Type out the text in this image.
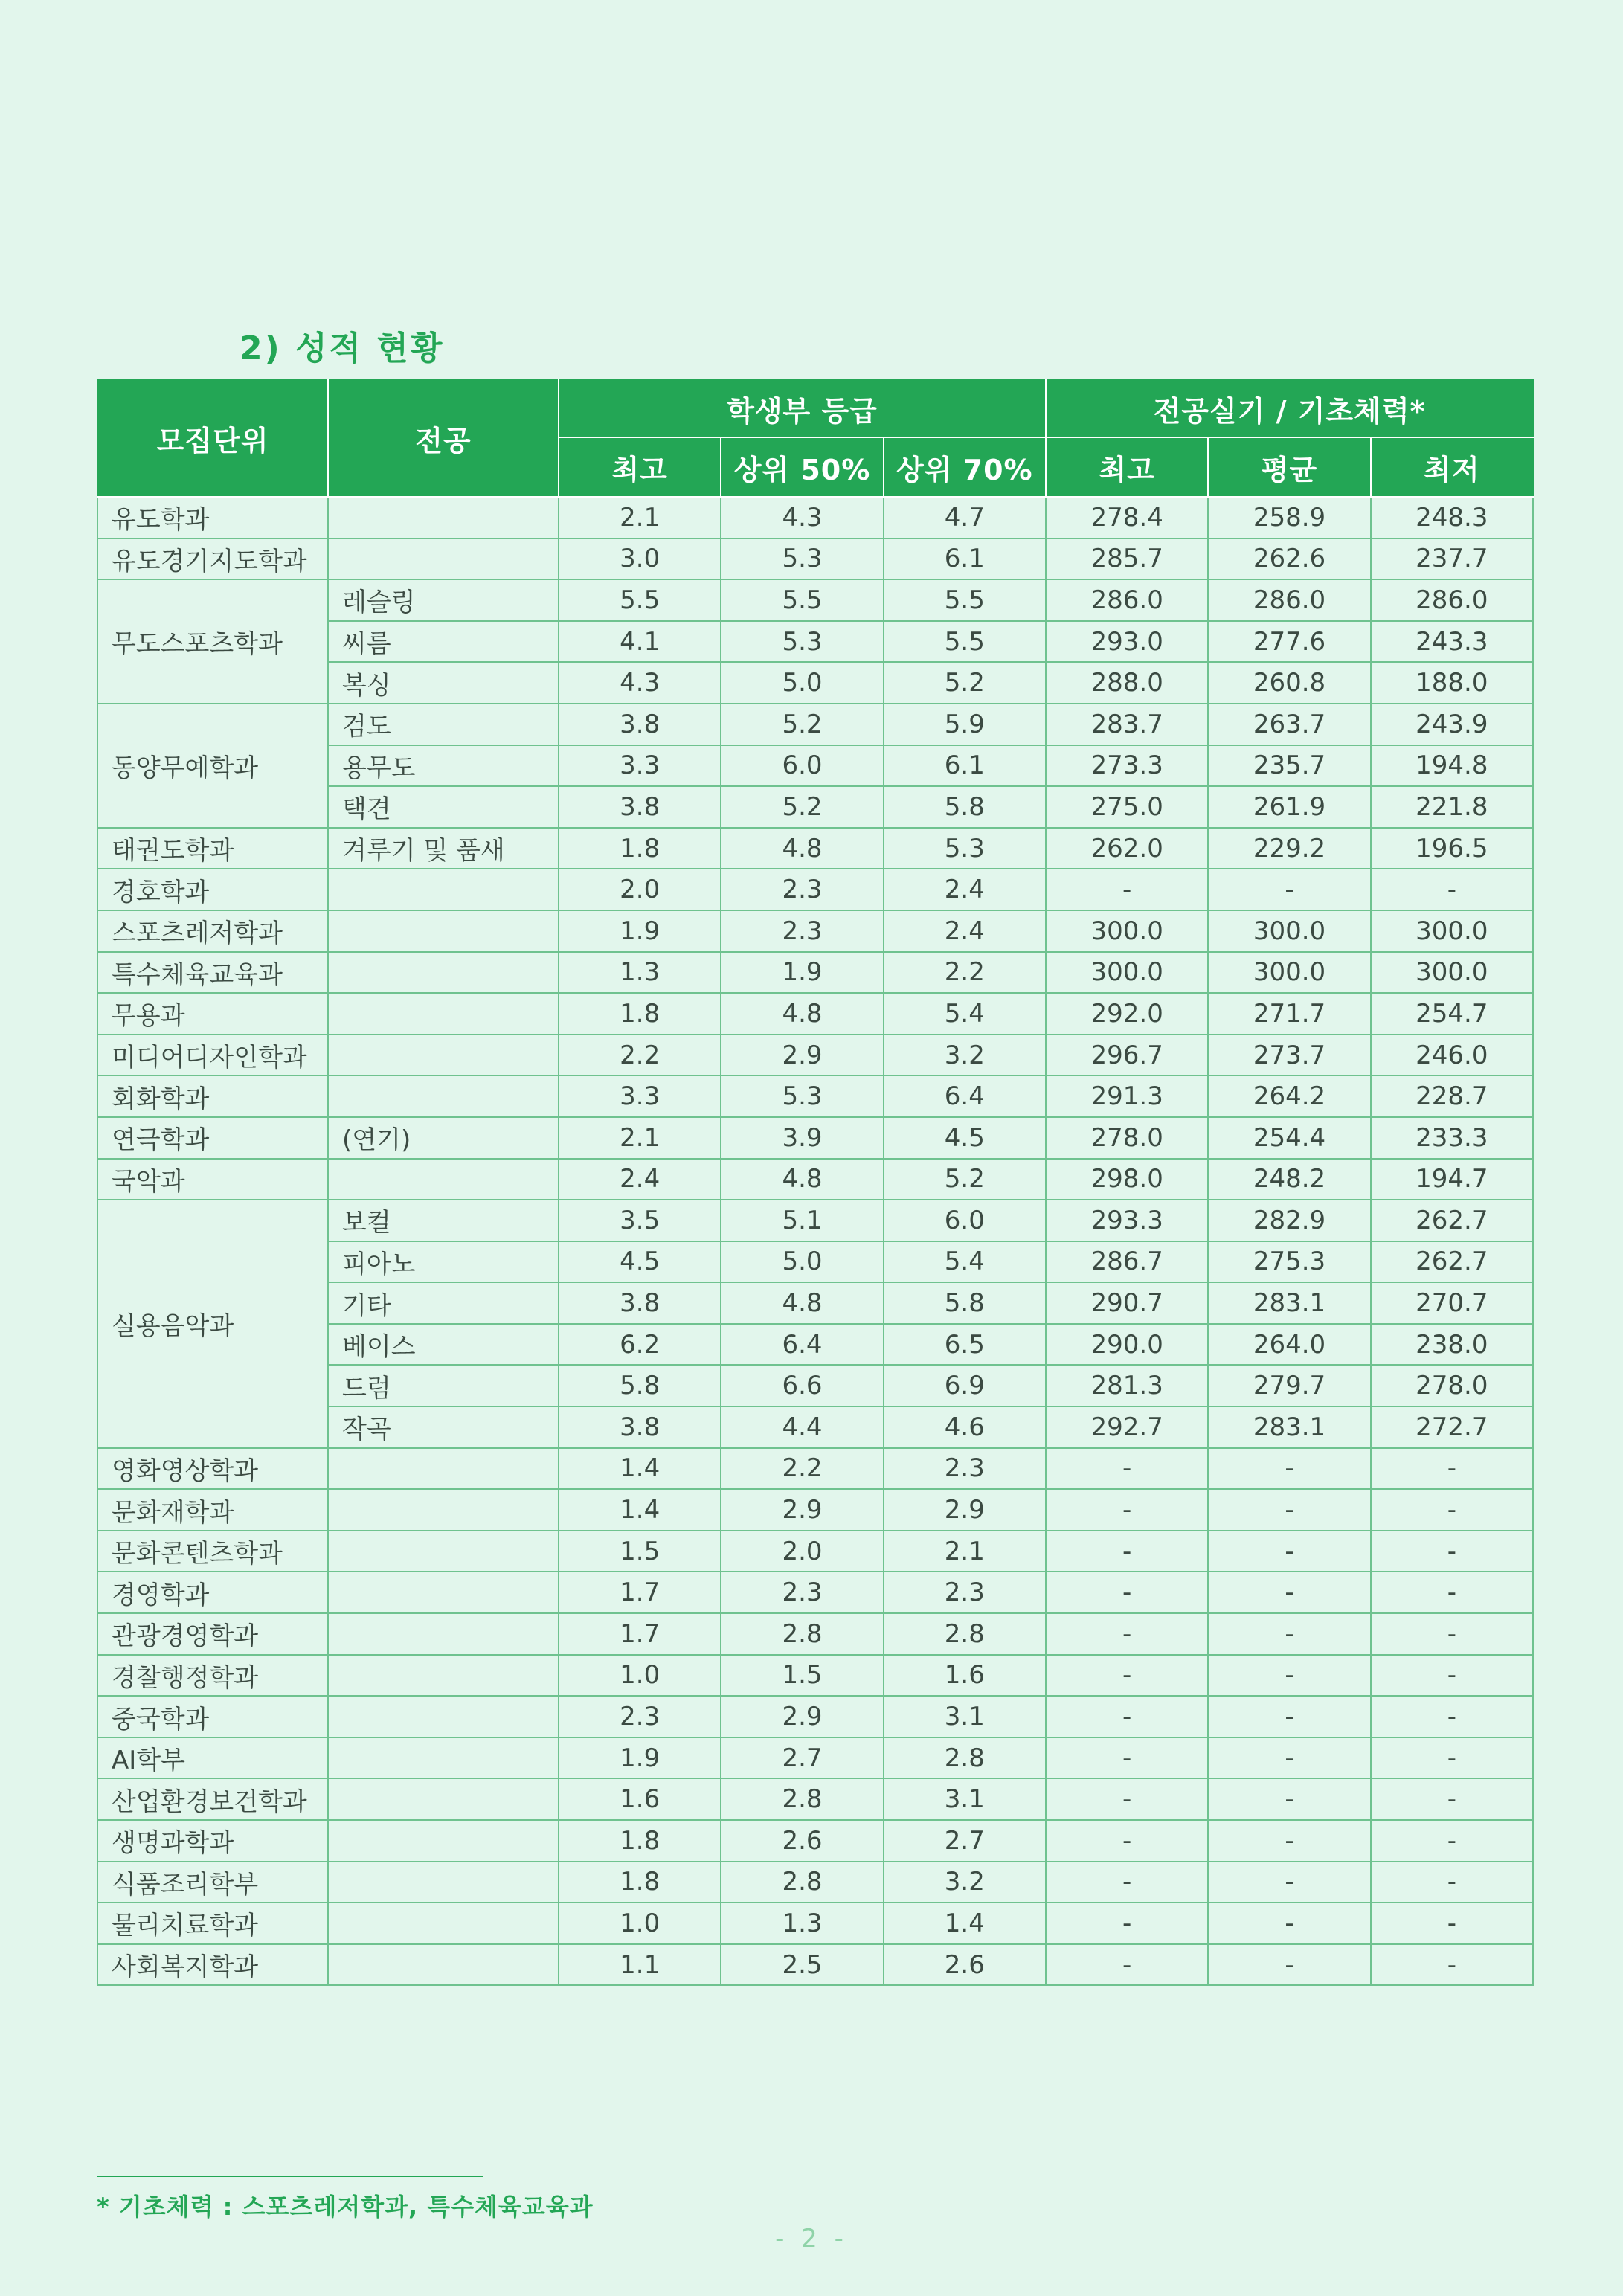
2) 성적 현황
모집단위	전공	학생부 등급			전공실기 / 기초체력*		
		최고	상위 50%	상위 70%	최고	평균	최저
유도학과		2.1	4.3	4.7	278.4	258.9	248.3
유도경기지도학과		3.0	5.3	6.1	285.7	262.6	237.7
무도스포츠학과	레슬링	5.5	5.5	5.5	286.0	286.0	286.0
	씨름	4.1	5.3	5.5	293.0	277.6	243.3
	복싱	4.3	5.0	5.2	288.0	260.8	188.0
동양무예학과	검도	3.8	5.2	5.9	283.7	263.7	243.9
	용무도	3.3	6.0	6.1	273.3	235.7	194.8
	택견	3.8	5.2	5.8	275.0	261.9	221.8
태권도학과	겨루기 및 품새	1.8	4.8	5.3	262.0	229.2	196.5
경호학과		2.0	2.3	2.4	-	-	-
스포츠레저학과		1.9	2.3	2.4	300.0	300.0	300.0
특수체육교육과		1.3	1.9	2.2	300.0	300.0	300.0
무용과		1.8	4.8	5.4	292.0	271.7	254.7
미디어디자인학과		2.2	2.9	3.2	296.7	273.7	246.0
회화학과		3.3	5.3	6.4	291.3	264.2	228.7
연극학과	(연기)	2.1	3.9	4.5	278.0	254.4	233.3
국악과		2.4	4.8	5.2	298.0	248.2	194.7
실용음악과	보컬	3.5	5.1	6.0	293.3	282.9	262.7
	피아노	4.5	5.0	5.4	286.7	275.3	262.7
	기타	3.8	4.8	5.8	290.7	283.1	270.7
	베이스	6.2	6.4	6.5	290.0	264.0	238.0
	드럼	5.8	6.6	6.9	281.3	279.7	278.0
	작곡	3.8	4.4	4.6	292.7	283.1	272.7
영화영상학과		1.4	2.2	2.3	-	-	-
문화재학과		1.4	2.9	2.9	-	-	-
문화콘텐츠학과		1.5	2.0	2.1	-	-	-
경영학과		1.7	2.3	2.3	-	-	-
관광경영학과		1.7	2.8	2.8	-	-	-
경찰행정학과		1.0	1.5	1.6	-	-	-
중국학과		2.3	2.9	3.1	-	-	-
AI학부		1.9	2.7	2.8	-	-	-
산업환경보건학과		1.6	2.8	3.1	-	-	-
생명과학과		1.8	2.6	2.7	-	-	-
식품조리학부		1.8	2.8	3.2	-	-	-
물리치료학과		1.0	1.3	1.4	-	-	-
사회복지학과		1.1	2.5	2.6	-	-	-
* 기초체력 : 스포츠레저학과, 특수체육교육과
- 2 -
